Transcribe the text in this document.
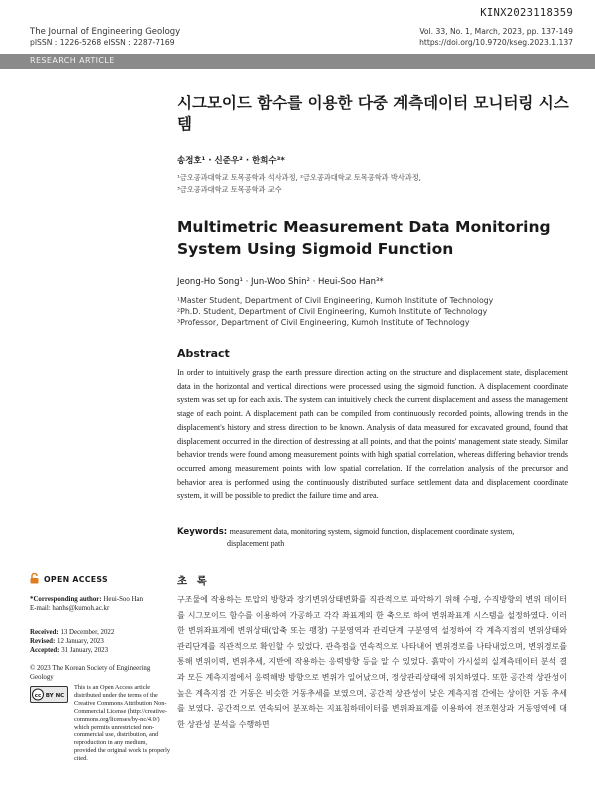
KINX2023118359
The Journal of Engineering Geology
pISSN : 1226-5268 eISSN : 2287-7169
Vol. 33, No. 1, March, 2023, pp. 137-149
https://doi.org/10.9720/kseg.2023.1.137
RESEARCH ARTICLE
시그모이드 함수를 이용한 다중 계측데이터 모니터링 시스템
송정호¹ · 신준우² · 한희수³*
¹금오공과대학교 토목공학과 석사과정, ²금오공과대학교 토목공학과 박사과정,
³금오공과대학교 토목공학과 교수
Multimetric Measurement Data Monitoring System Using Sigmoid Function
Jeong-Ho Song¹ · Jun-Woo Shin² · Heui-Soo Han³*
¹Master Student, Department of Civil Engineering, Kumoh Institute of Technology
²Ph.D. Student, Department of Civil Engineering, Kumoh Institute of Technology
³Professor, Department of Civil Engineering, Kumoh Institute of Technology
Abstract
In order to intuitively grasp the earth pressure direction acting on the structure and displacement state, displacement data in the horizontal and vertical directions were processed using the sigmoid function. A displacement coordinate system was set up for each axis. The system can intuitively check the current displacement and assess the management stage of each point. A displacement path can be compiled from continuously recorded points, allowing trends in the displacement's history and stress direction to be known. Analysis of data measured for excavated ground, found that displacement occurred in the direction of destressing at all points, and that the points' management state steady. Similar behavior trends were found among measurement points with high spatial correlation, whereas differing behavior trends occurred among measurement points with low spatial correlation. If the correlation analysis of the precursor and behavior area is performed using the continuously distributed surface settlement data and displacement coordinate system, it will be possible to predict the failure time and area.
Keywords: measurement data, monitoring system, sigmoid function, displacement coordinate system,
displacement path
OPEN ACCESS
*Corresponding author: Heui-Soo Han
E-mail: hanhs@kumoh.ac.kr
Received: 13 December, 2022
Revised: 12 January, 2023
Accepted: 31 January, 2023
© 2023 The Korean Society of Engineering Geology
cc BY NC
This is an Open Access article distributed under the terms of the Creative Commons Attribution Non-Commercial License (http://creative-commons.org/licenses/by-nc/4.0/) which permits unrestricted non-commercial use, distribution, and reproduction in any medium, provided the original work is properly cited.
초 록
구조물에 작용하는 토압의 방향과 장기변위상태변화를 직관적으로 파악하기 위해 수평, 수직방향의 변위 데이터를 시그모이드 함수를 이용하여 가공하고 각각 좌표계의 한 축으로 하여 변위좌표계 시스템을 설정하였다. 이러한 변위좌표계에 변위상태(압축 또는 팽창) 구분영역과 관리단계 구분영역 설정하여 각 계측지점의 변위상태와 관리단계를 직관적으로 확인할 수 있었다. 관측점을 연속적으로 나타내어 변위경로를 나타내었으며, 변위경로를 통해 변위이력, 변위추세, 지반에 작용하는 응력방향 등을 알 수 있었다. 흙막이 가시설의 실계측데이터 분석 결과 모든 계측지점에서 응력해방 방향으로 변위가 일어났으며, 정상관리상태에 위치하였다. 또한 공간적 상관성이 높은 계측지점 간 거동은 비슷한 거동추세를 보였으며, 공간적 상관성이 낮은 계측지점 간에는 상이한 거동 추세를 보였다. 공간적으로 연속되어 분포하는 지표침하데이터를 변위좌표계를 이용하여 전조현상과 거동영역에 대한 상관성 분석을 수행하면
